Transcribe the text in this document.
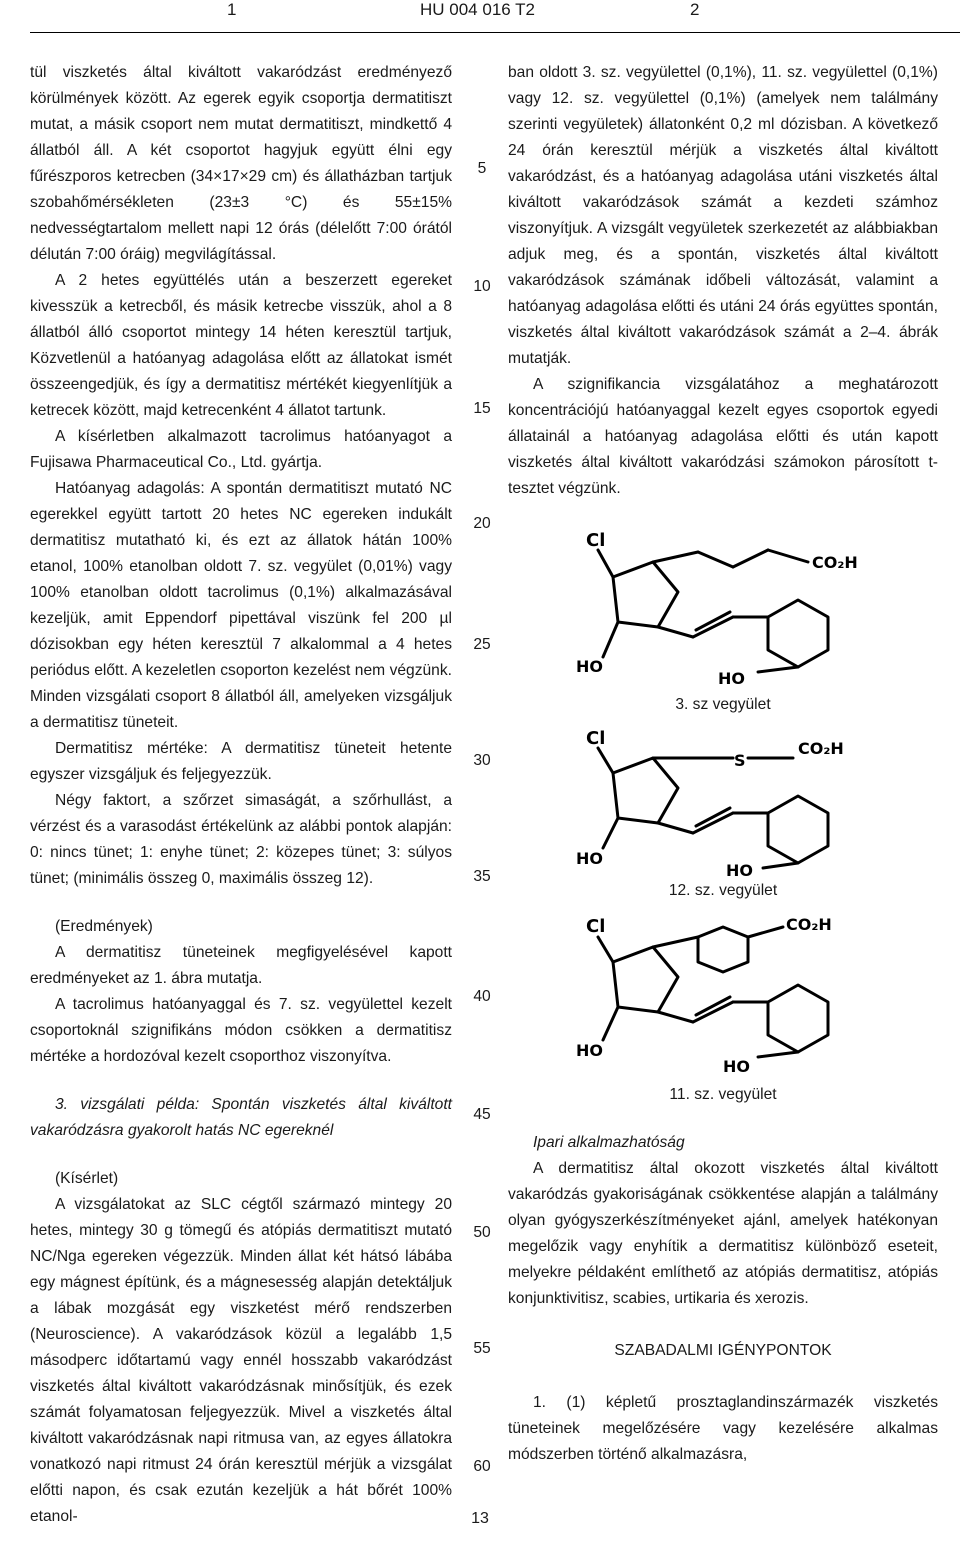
1	HU 004 016 T2	2

tül viszketés által kiváltott vakaródzást eredményező körülmények között. Az egerek egyik csoportja dermatitiszt mutat, a másik csoport nem mutat dermatitiszt, mindkettő 4 állatból áll. A két csoportot hagyjuk együtt élni egy fűrészporos ketrecben (34×17×29 cm) és állatházban tartjuk szobahőmérsékleten (23±3 °C) és 55±15% nedvességtartalom mellett napi 12 órás (délelőtt 7:00 órától délután 7:00 óráig) megvilágítással.

A 2 hetes együttélés után a beszerzett egereket kivesszük a ketrecből, és másik ketrecbe visszük, ahol a 8 állatból álló csoportot mintegy 14 héten keresztül tartjuk, Közvetlenül a hatóanyag adagolása előtt az állatokat ismét összeengedjük, és így a dermatitisz mértékét kiegyenlítjük a ketrecek között, majd ketrecenként 4 állatot tartunk.

A kísérletben alkalmazott tacrolimus hatóanyagot a Fujisawa Pharmaceutical Co., Ltd. gyártja.

Hatóanyag adagolás: A spontán dermatitiszt mutató NC egerekkel együtt tartott 20 hetes NC egereken indukált dermatitisz mutatható ki, és ezt az állatok hátán 100% etanol, 100% etanolban oldott 7. sz. vegyület (0,01%) vagy 100% etanolban oldott tacrolimus (0,1%) alkalmazásával kezeljük, amit Eppendorf pipettával viszünk fel 200 µl dózisokban egy héten keresztül 7 alkalommal a 4 hetes periódus előtt. A kezeletlen csoporton kezelést nem végzünk. Minden vizsgálati csoport 8 állatból áll, amelyeken vizsgáljuk a dermatitisz tüneteit.

Dermatitisz mértéke: A dermatitisz tüneteit hetente egyszer vizsgáljuk és feljegyezzük.

Négy faktort, a szőrzet simaságát, a szőrhullást, a vérzést és a varasodást értékelünk az alábbi pontok alapján: 0: nincs tünet; 1: enyhe tünet; 2: közepes tünet; 3: súlyos tünet; (minimális összeg 0, maximális összeg 12).

(Eredmények)

A dermatitisz tüneteinek megfigyelésével kapott eredményeket az 1. ábra mutatja.

A tacrolimus hatóanyaggal és 7. sz. vegyülettel kezelt csoportoknál szignifikáns módon csökken a dermatitisz mértéke a hordozóval kezelt csoporthoz viszonyítva.

3. vizsgálati példa: Spontán viszketés által kiváltott vakaródzásra gyakorolt hatás NC egereknél

(Kísérlet)

A vizsgálatokat az SLC cégtől származó mintegy 20 hetes, mintegy 30 g tömegű és atópiás dermatitiszt mutató NC/Nga egereken végezzük. Minden állat két hátsó lábába egy mágnest építünk, és a mágnesesség alapján detektáljuk a lábak mozgását egy viszketést mérő rendszerben (Neuroscience). A vakaródzások közül a legalább 1,5 másodperc időtartamú vagy ennél hosszabb vakaródzást viszketés által kiváltott vakaródzásnak minősítjük, és ezek számát folyamatosan feljegyezzük. Mivel a viszketés által kiváltott vakaródzásnak napi ritmusa van, az egyes állatokra vonatkozó napi ritmust 24 órán keresztül mérjük a vizsgálat előtti napon, és csak ezután kezeljük a hát bőrét 100% etanol-

5
10
15
20
25
30
35
40
45
50
55
60

ban oldott 3. sz. vegyülettel (0,1%), 11. sz. vegyülettel (0,1%) vagy 12. sz. vegyülettel (0,1%) (amelyek nem találmány szerinti vegyületek) állatonként 0,2 ml dózisban. A következő 24 órán keresztül mérjük a viszketés által kiváltott vakaródzást, és a hatóanyag adagolása utáni viszketés által kiváltott vakaródzások számát a kezdeti számhoz viszonyítjuk. A vizsgált vegyületek szerkezetét az alábbiakban adjuk meg, és a spontán, viszketés által kiváltott vakaródzások számának időbeli változását, valamint a hatóanyag adagolása előtti és utáni 24 órás együttes spontán, viszketés által kiváltott vakaródzások számát a 2–4. ábrák mutatják.

A szignifikancia vizsgálatához a meghatározott koncentrációjú hatóanyaggal kezelt egyes csoportok egyedi állatainál a hatóanyag adagolása előtti és után kapott viszketés által kiváltott vakaródzási számokon párosított t-tesztet végzünk.

Cl
HO
HO
CO₂H
3. sz vegyület
Cl
S
CO₂H
HO
HO
12. sz. vegyület
Cl	CO₂H
HO
HO
11. sz. vegyület

Ipari alkalmazhatóság

A dermatitisz által okozott viszketés által kiváltott vakaródzás gyakoriságának csökkentése alapján a találmány olyan gyógyszerkészítményeket ajánl, amelyek hatékonyan megelőzik vagy enyhítik a dermatitisz különböző eseteit, melyekre példaként említhető az atópiás dermatitisz, atópiás konjunktivitisz, scabies, urtikaria és xerozis.

SZABADALMI IGÉNYPONTOK

1. (1) képletű prosztaglandinszármazék viszketés tüneteinek megelőzésére vagy kezelésére alkalmas módszerben történő alkalmazásra,

13
